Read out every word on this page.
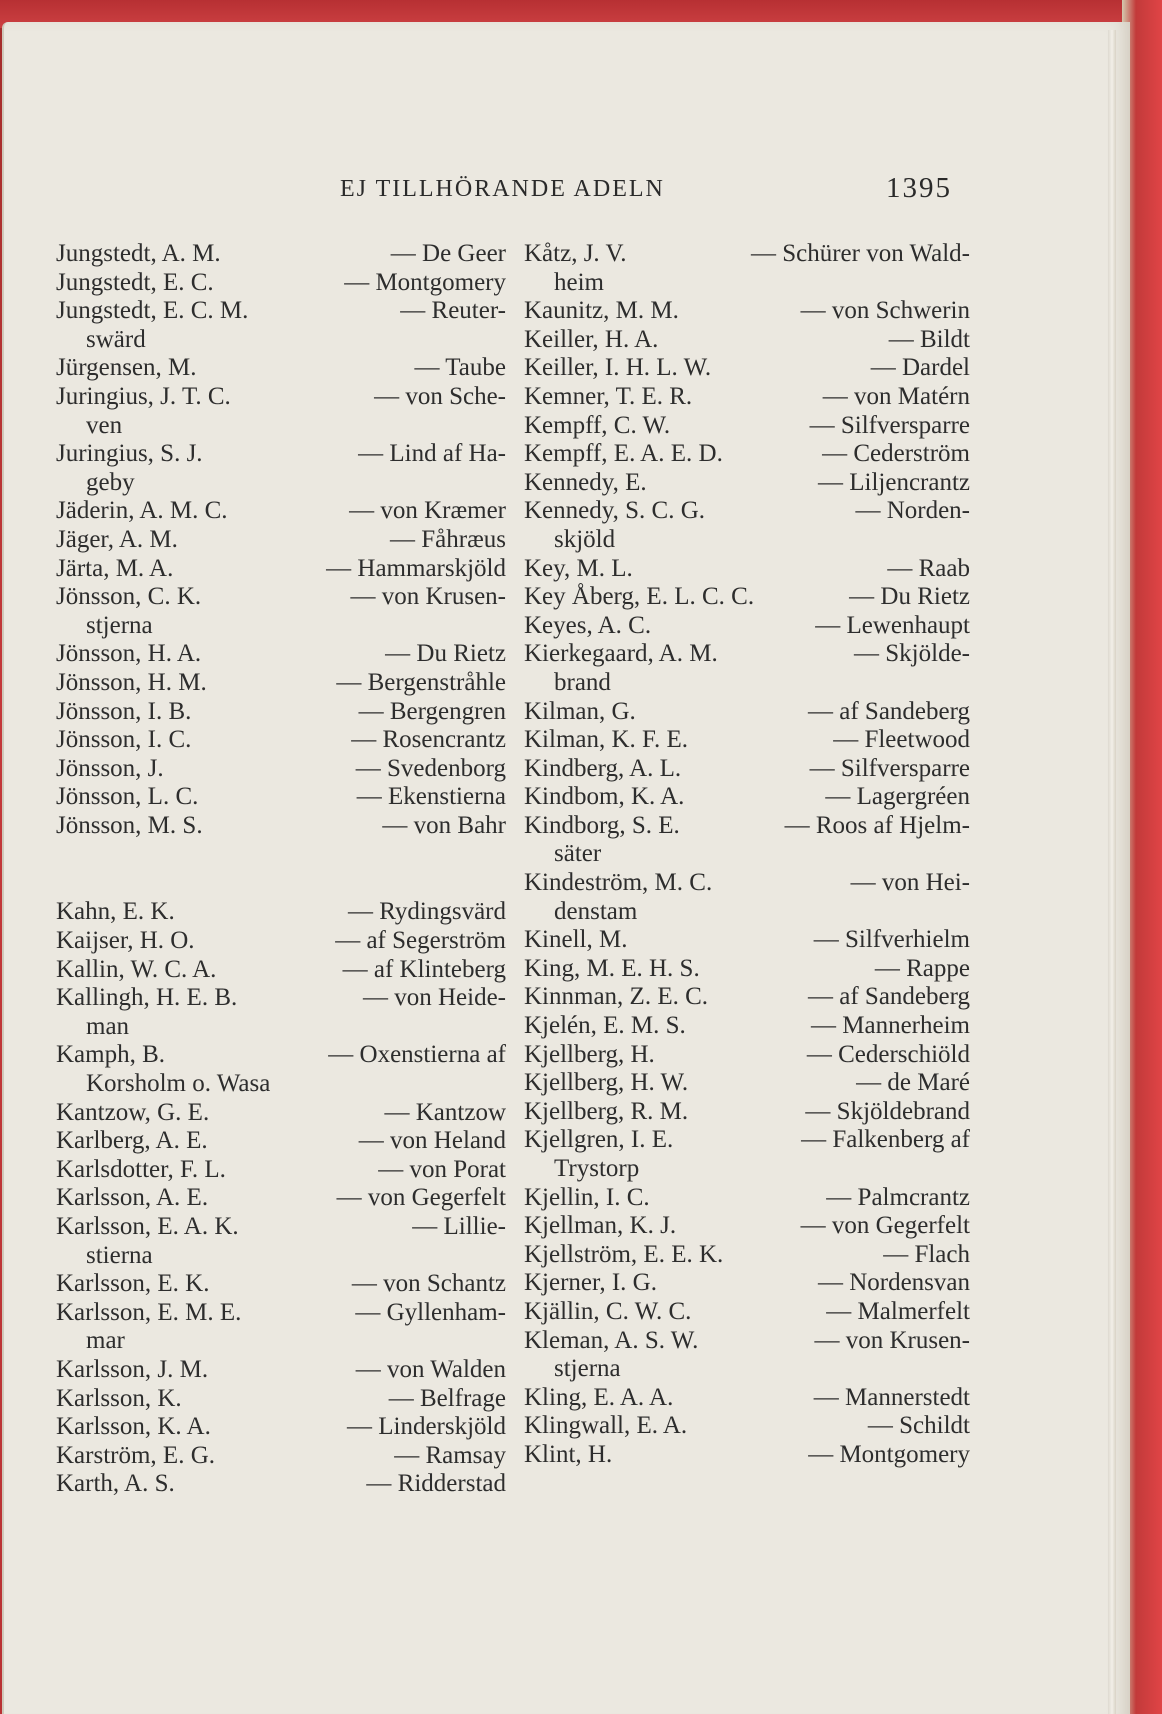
EJ TILLHÖRANDE ADELN	1395
Jungstedt, A. M.	— De Geer
Jungstedt, E. C.	— Montgomery
Jungstedt, E. C. M.	— Reuter-
swärd
Jürgensen, M.	— Taube
Juringius, J. T. C.	— von Sche-
ven
Juringius, S. J.	— Lind af Ha-
geby
Jäderin, A. M. C.	— von Kræmer
Jäger, A. M.	— Fåhræus
Järta, M. A.	— Hammarskjöld
Jönsson, C. K.	— von Krusen-
stjerna
Jönsson, H. A.	— Du Rietz
Jönsson, H. M.	— Bergenstråhle
Jönsson, I. B.	— Bergengren
Jönsson, I. C.	— Rosencrantz
Jönsson, J.	— Svedenborg
Jönsson, L. C.	— Ekenstierna
Jönsson, M. S.	— von Bahr
Kahn, E. K.	— Rydingsvärd
Kaijser, H. O.	— af Segerström
Kallin, W. C. A.	— af Klinteberg
Kallingh, H. E. B.	— von Heide-
man
Kamph, B.	— Oxenstierna af
Korsholm o. Wasa
Kantzow, G. E.	— Kantzow
Karlberg, A. E.	— von Heland
Karlsdotter, F. L.	— von Porat
Karlsson, A. E.	— von Gegerfelt
Karlsson, E. A. K.	— Lillie-
stierna
Karlsson, E. K.	— von Schantz
Karlsson, E. M. E.	— Gyllenham-
mar
Karlsson, J. M.	— von Walden
Karlsson, K.	— Belfrage
Karlsson, K. A.	— Linderskjöld
Karström, E. G.	— Ramsay
Karth, A. S.	— Ridderstad
Kåtz, J. V.	— Schürer von Wald-
heim
Kaunitz, M. M.	— von Schwerin
Keiller, H. A.	— Bildt
Keiller, I. H. L. W.	— Dardel
Kemner, T. E. R.	— von Matérn
Kempff, C. W.	— Silfversparre
Kempff, E. A. E. D.	— Cederström
Kennedy, E.	— Liljencrantz
Kennedy, S. C. G.	— Norden-
skjöld
Key, M. L.	— Raab
Key Åberg, E. L. C. C.	— Du Rietz
Keyes, A. C.	— Lewenhaupt
Kierkegaard, A. M.	— Skjölde-
brand
Kilman, G.	— af Sandeberg
Kilman, K. F. E.	— Fleetwood
Kindberg, A. L.	— Silfversparre
Kindbom, K. A.	— Lagergréen
Kindborg, S. E.	— Roos af Hjelm-
säter
Kindeström, M. C.	— von Hei-
denstam
Kinell, M.	— Silfverhielm
King, M. E. H. S.	— Rappe
Kinnman, Z. E. C.	— af Sandeberg
Kjelén, E. M. S.	— Mannerheim
Kjellberg, H.	— Cederschiöld
Kjellberg, H. W.	— de Maré
Kjellberg, R. M.	— Skjöldebrand
Kjellgren, I. E.	— Falkenberg af
Trystorp
Kjellin, I. C.	— Palmcrantz
Kjellman, K. J.	— von Gegerfelt
Kjellström, E. E. K.	— Flach
Kjerner, I. G.	— Nordensvan
Kjällin, C. W. C.	— Malmerfelt
Kleman, A. S. W.	— von Krusen-
stjerna
Kling, E. A. A.	— Mannerstedt
Klingwall, E. A.	— Schildt
Klint, H.	— Montgomery
